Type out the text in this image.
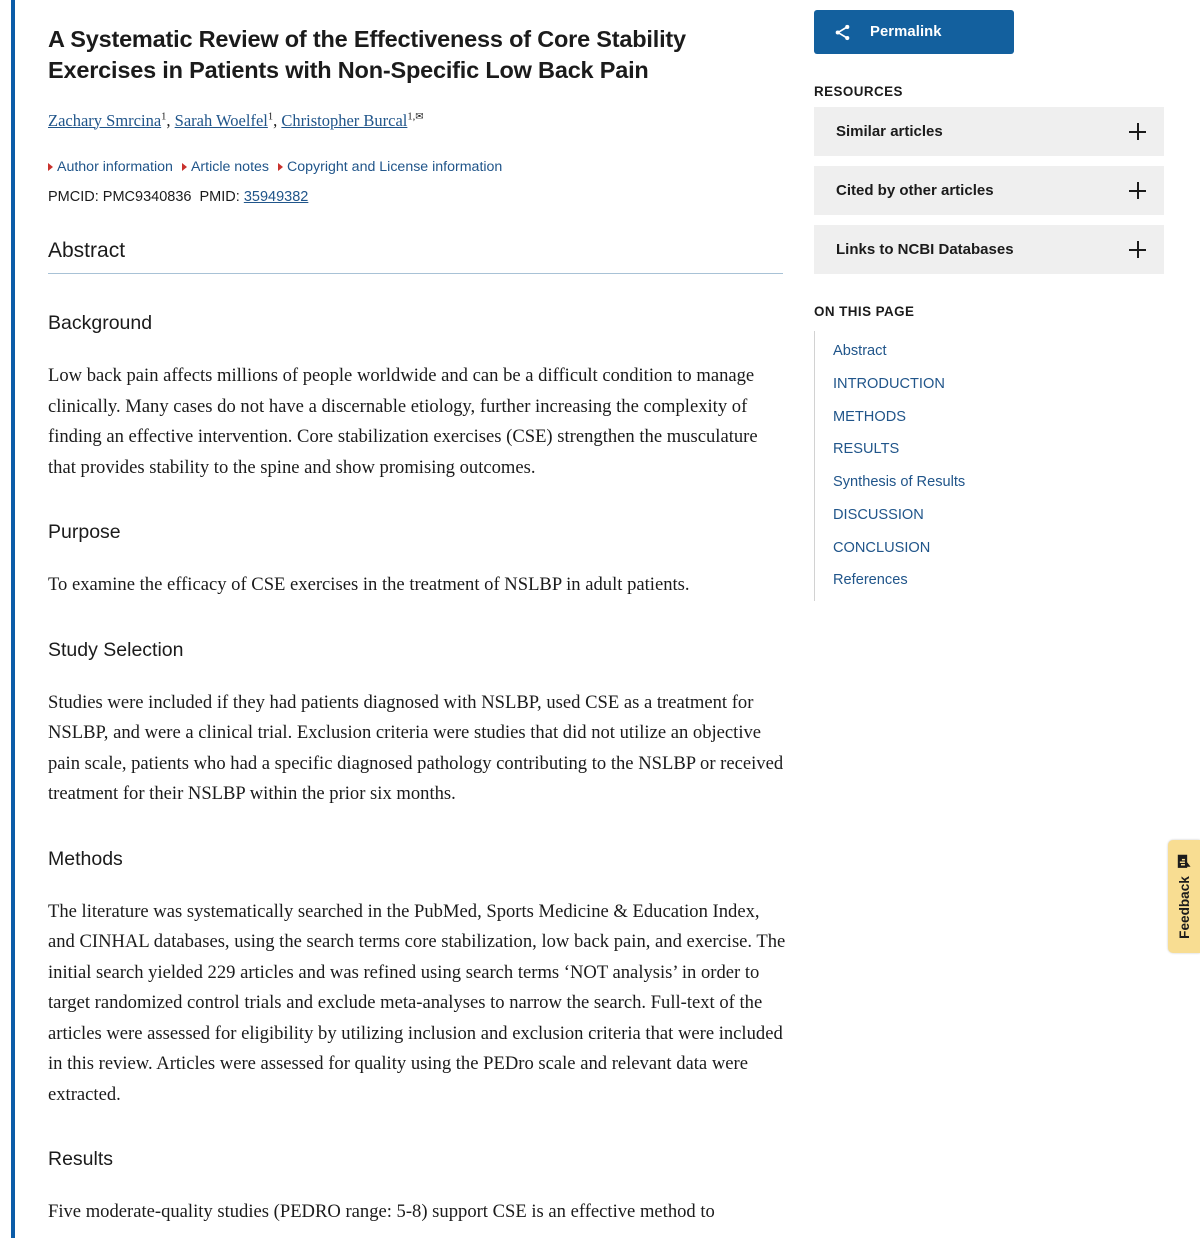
A Systematic Review of the Effectiveness of Core Stability Exercises in Patients with Non-Specific Low Back Pain
Zachary Smrcina$^1$, Sarah Woelfel$^1$, Christopher Burcal$^{1,✉}$
Author information Article notes Copyright and License information
PMCID: PMC9340836 PMID: 35949382
Abstract
Background

Low back pain affects millions of people worldwide and can be a difficult condition to manage clinically. Many cases do not have a discernable etiology, further increasing the complexity of finding an effective intervention. Core stabilization exercises (CSE) strengthen the musculature that provides stability to the spine and show promising outcomes.

Purpose

To examine the efficacy of CSE exercises in the treatment of NSLBP in adult patients.

Study Selection

Studies were included if they had patients diagnosed with NSLBP, used CSE as a treatment for NSLBP, and were a clinical trial. Exclusion criteria were studies that did not utilize an objective pain scale, patients who had a specific diagnosed pathology contributing to the NSLBP or received treatment for their NSLBP within the prior six months.

Methods

The literature was systematically searched in the PubMed, Sports Medicine & Education Index, and CINHAL databases, using the search terms core stabilization, low back pain, and exercise. The initial search yielded 229 articles and was refined using search terms ‘NOT analysis’ in order to target randomized control trials and exclude meta-analyses to narrow the search. Full-text of the articles were assessed for eligibility by utilizing inclusion and exclusion criteria that were included in this review. Articles were assessed for quality using the PEDro scale and relevant data were extracted.

Results

Five moderate-quality studies (PEDRO range: 5-8) support CSE is an effective method to

Permalink
RESOURCES
Similar articles
Cited by other articles
Links to NCBI Databases
ON THIS PAGE
Abstract
INTRODUCTION
METHODS
RESULTS
Synthesis of Results
DISCUSSION
CONCLUSION
References
Feedback
